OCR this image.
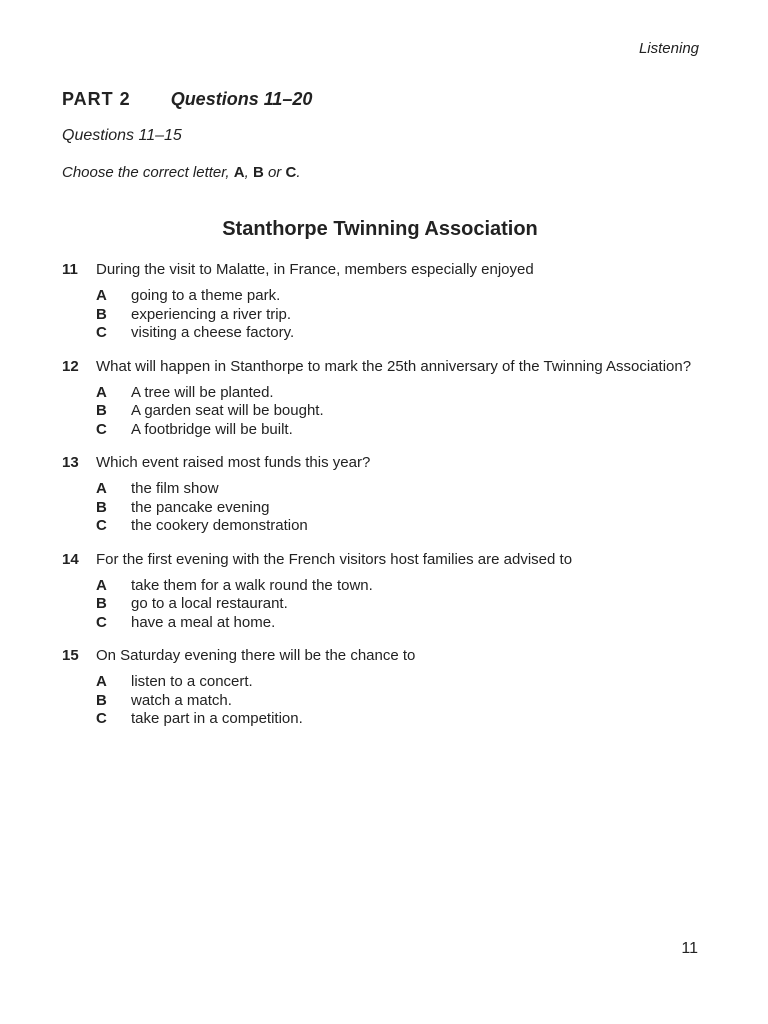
Listening
PART 2 Questions 11–20
Questions 11–15
Choose the correct letter, A, B or C.
Stanthorpe Twinning Association
11	During the visit to Malatte, in France, members especially enjoyed
A	going to a theme park.
B	experiencing a river trip.
C	visiting a cheese factory.
12	What will happen in Stanthorpe to mark the 25th anniversary of the Twinning Association?
A	A tree will be planted.
B	A garden seat will be bought.
C	A footbridge will be built.
13	Which event raised most funds this year?
A	the film show
B	the pancake evening
C	the cookery demonstration
14	For the first evening with the French visitors host families are advised to
A	take them for a walk round the town.
B	go to a local restaurant.
C	have a meal at home.
15	On Saturday evening there will be the chance to
A	listen to a concert.
B	watch a match.
C	take part in a competition.
11
